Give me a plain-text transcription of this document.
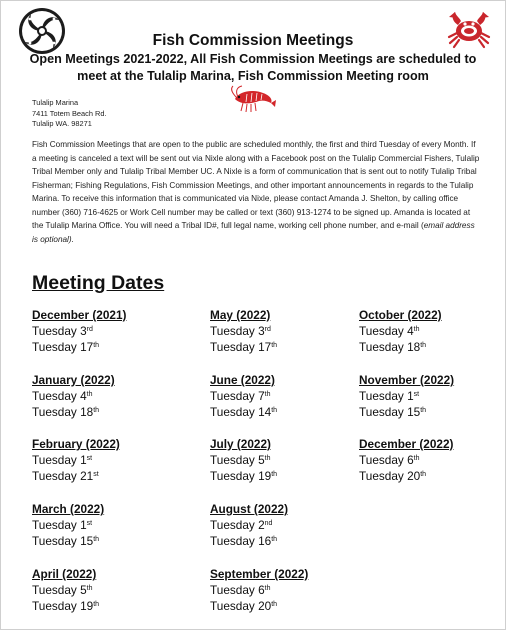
Fish Commission Meetings
Open Meetings 2021-2022, All Fish Commission Meetings are scheduled to meet at the Tulalip Marina, Fish Commission Meeting room
Tulalip Marina
7411 Totem Beach Rd.
Tulalip WA. 98271
Fish Commission Meetings that are open to the public are scheduled monthly, the first and third Tuesday of every Month. If a meeting is canceled a text will be sent out via Nixle along with a Facebook post on the Tulalip Commercial Fishers, Tulalip Tribal Member only and Tulalip Tribal Member UC. A Nixle is a form of communication that is sent out to notify Tulalip Tribal Fisherman; Fishing Regulations, Fish Commission Meetings, and other important announcements in regards to the Tulalip Marina. To receive this information that is communicated via Nixle, please contact Amanda J. Shelton, by calling office number (360) 716-4625 or Work Cell number may be called or text (360) 913-1274 to be signed up. Amanda is located at the Tulalip Marina Office. You will need a Tribal ID#, full legal name, working cell phone number, and e-mail (email address is optional).
Meeting Dates
December (2021)
Tuesday 3rd
Tuesday 17th
January (2022)
Tuesday 4th
Tuesday 18th
February (2022)
Tuesday 1st
Tuesday 21st
March (2022)
Tuesday 1st
Tuesday 15th
April (2022)
Tuesday 5th
Tuesday 19th
May (2022)
Tuesday 3rd
Tuesday 17th
June (2022)
Tuesday 7th
Tuesday 14th
July (2022)
Tuesday 5th
Tuesday 19th
August (2022)
Tuesday 2nd
Tuesday 16th
September (2022)
Tuesday 6th
Tuesday 20th
October (2022)
Tuesday 4th
Tuesday 18th
November (2022)
Tuesday 1st
Tuesday 15th
December (2022)
Tuesday 6th
Tuesday 20th
